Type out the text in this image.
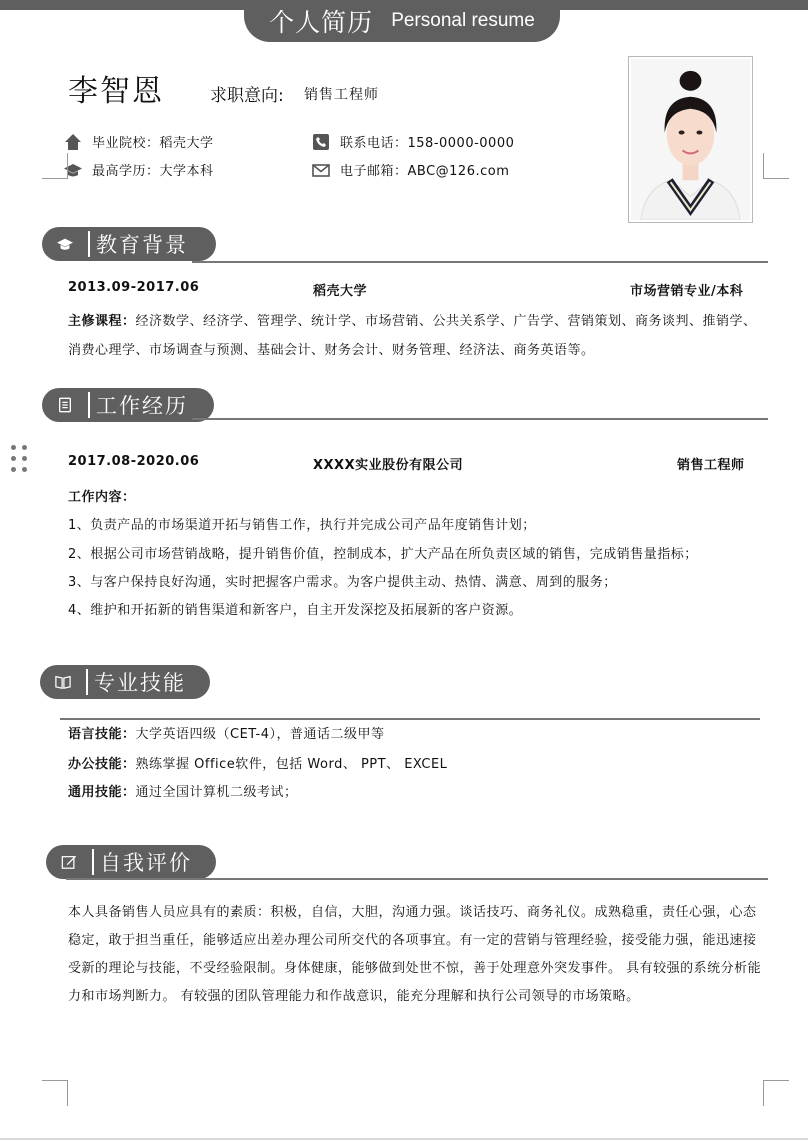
个人简历 Personal resume
李智恩	求职意向: 销售工程师
毕业院校：稻壳大学
最高学历：大学本科
联系电话：158-0000-0000
电子邮箱：ABC@126.com
教育背景
2013.09-2017.06	稻壳大学	市场营销专业/本科
主修课程：经济数学、经济学、管理学、统计学、市场营销、公共关系学、广告学、营销策划、商务谈判、推销学、消费心理学、市场调查与预测、基础会计、财务会计、财务管理、经济法、商务英语等。
工作经历
2017.08-2020.06	XXXX实业股份有限公司	销售工程师
工作内容：
1、负责产品的市场渠道开拓与销售工作，执行并完成公司产品年度销售计划；
2、根据公司市场营销战略，提升销售价值，控制成本，扩大产品在所负责区域的销售，完成销售量指标；
3、与客户保持良好沟通，实时把握客户需求。为客户提供主动、热情、满意、周到的服务；
4、维护和开拓新的销售渠道和新客户，自主开发深挖及拓展新的客户资源。
专业技能
语言技能：大学英语四级（CET-4），普通话二级甲等
办公技能：熟练掌握 Office软件，包括 Word、 PPT、 EXCEL
通用技能：通过全国计算机二级考试；
自我评价
本人具备销售人员应具有的素质：积极，自信，大胆，沟通力强。谈话技巧、商务礼仪。成熟稳重，责任心强，心态稳定，敢于担当重任，能够适应出差办理公司所交代的各项事宜。有一定的营销与管理经验，接受能力强，能迅速接受新的理论与技能，不受经验限制。身体健康，能够做到处世不惊，善于处理意外突发事件。 具有较强的系统分析能力和市场判断力。 有较强的团队管理能力和作战意识，能充分理解和执行公司领导的市场策略。
